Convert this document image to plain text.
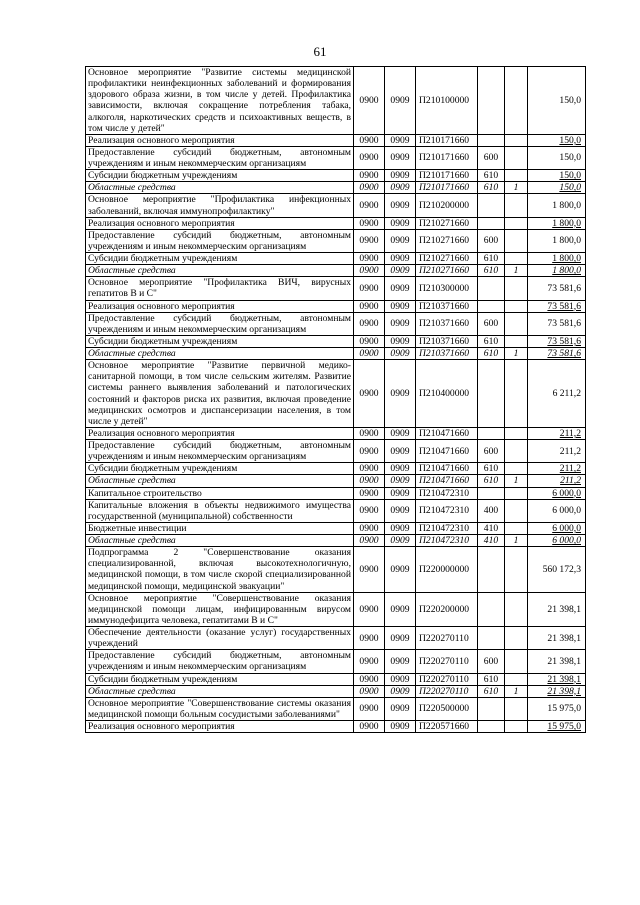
61
Основное мероприятие "Развитие системы медицинской профилактики неинфекционных заболеваний и формирования здорового образа жизни, в том числе у детей. Профилактика зависимости, включая сокращение потребления табака, алкоголя, наркотических средств и психоактивных веществ, в том числе у детей"	0900	0909	П210100000			150,0
Реализация основного мероприятия	0900	0909	П210171660			150,0
Предоставление субсидий бюджетным, автономным учреждениям и иным некоммерческим организациям	0900	0909	П210171660	600		150,0
Субсидии бюджетным учреждениям	0900	0909	П210171660	610		150,0
Областные средства	0900	0909	П210171660	610	1	150,0
Основное мероприятие "Профилактика инфекционных заболеваний, включая иммунопрофилактику"	0900	0909	П210200000			1 800,0
Реализация основного мероприятия	0900	0909	П210271660			1 800,0
Предоставление субсидий бюджетным, автономным учреждениям и иным некоммерческим организациям	0900	0909	П210271660	600		1 800,0
Субсидии бюджетным учреждениям	0900	0909	П210271660	610		1 800,0
Областные средства	0900	0909	П210271660	610	1	1 800,0
Основное мероприятие "Профилактика ВИЧ, вирусных гепатитов В и С"	0900	0909	П210300000			73 581,6
Реализация основного мероприятия	0900	0909	П210371660			73 581,6
Предоставление субсидий бюджетным, автономным учреждениям и иным некоммерческим организациям	0900	0909	П210371660	600		73 581,6
Субсидии бюджетным учреждениям	0900	0909	П210371660	610		73 581,6
Областные средства	0900	0909	П210371660	610	1	73 581,6
Основное мероприятие "Развитие первичной медико-санитарной помощи, в том числе сельским жителям. Развитие системы раннего выявления заболеваний и патологических состояний и факторов риска их развития, включая проведение медицинских осмотров и диспансеризации населения, в том числе у детей"	0900	0909	П210400000			6 211,2
Реализация основного мероприятия	0900	0909	П210471660			211,2
Предоставление субсидий бюджетным, автономным учреждениям и иным некоммерческим организациям	0900	0909	П210471660	600		211,2
Субсидии бюджетным учреждениям	0900	0909	П210471660	610		211,2
Областные средства	0900	0909	П210471660	610	1	211,2
Капитальное строительство	0900	0909	П210472310			6 000,0
Капитальные вложения в объекты недвижимого имущества государственной (муниципальной) собственности	0900	0909	П210472310	400		6 000,0
Бюджетные инвестиции	0900	0909	П210472310	410		6 000,0
Областные средства	0900	0909	П210472310	410	1	6 000,0
Подпрограмма 2 "Совершенствование оказания специализированной, включая высокотехнологичную, медицинской помощи, в том числе скорой специализированной медицинской помощи, медицинской эвакуации"	0900	0909	П220000000			560 172,3
Основное мероприятие "Совершенствование оказания медицинской помощи лицам, инфицированным вирусом иммунодефицита человека, гепатитами В и С"	0900	0909	П220200000			21 398,1
Обеспечение деятельности (оказание услуг) государственных учреждений	0900	0909	П220270110			21 398,1
Предоставление субсидий бюджетным, автономным учреждениям и иным некоммерческим организациям	0900	0909	П220270110	600		21 398,1
Субсидии бюджетным учреждениям	0900	0909	П220270110	610		21 398,1
Областные средства	0900	0909	П220270110	610	1	21 398,1
Основное мероприятие "Совершенствование системы оказания медицинской помощи больным сосудистыми заболеваниями"	0900	0909	П220500000			15 975,0
Реализация основного мероприятия	0900	0909	П220571660			15 975,0
